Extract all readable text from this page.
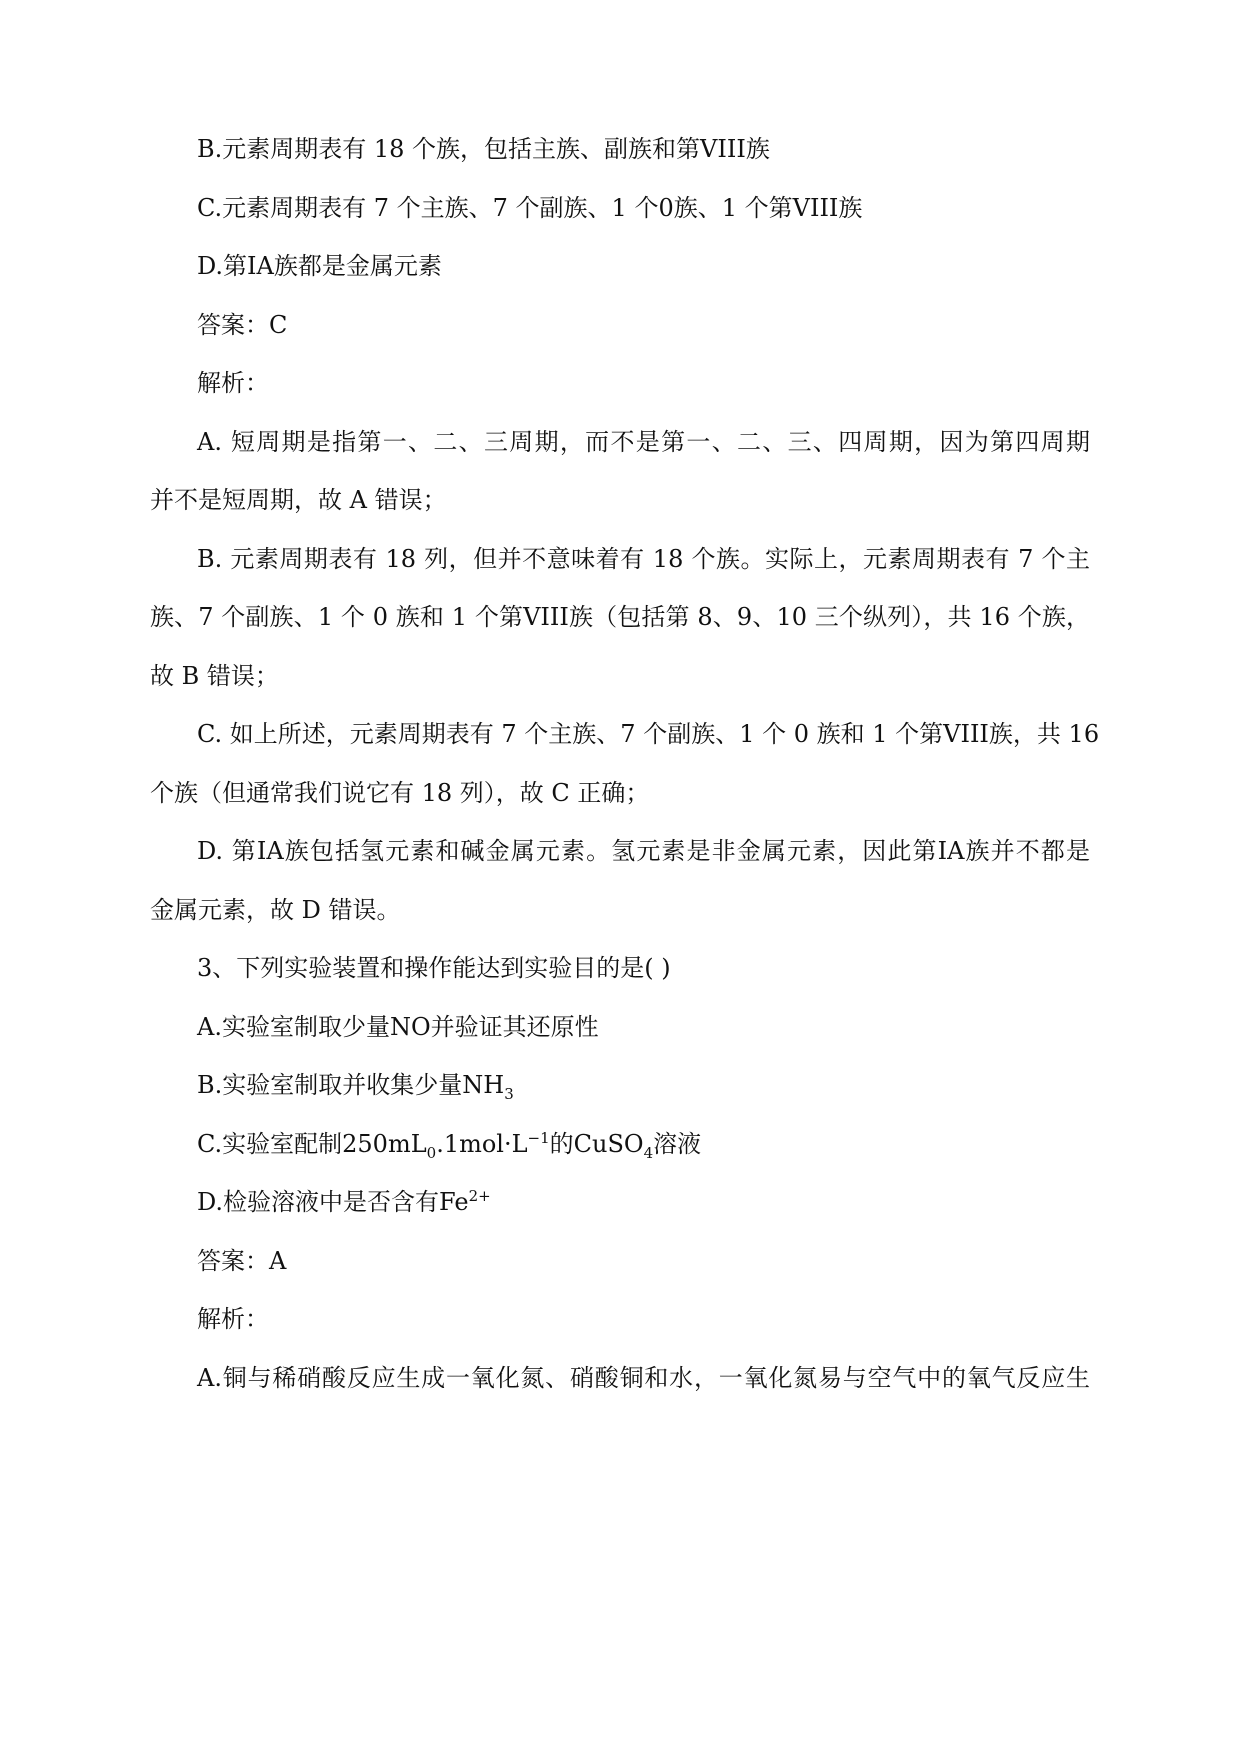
B.元素周期表有 18 个族，包括主族、副族和第VIII族
C.元素周期表有 7 个主族、7 个副族、1 个0族、1 个第VIII族
D.第IA族都是金属元素
答案：C
解析：
A. 短周期是指第一、二、三周期，而不是第一、二、三、四周期，因为第四周期
并不是短周期，故 A 错误；
B. 元素周期表有 18 列，但并不意味着有 18 个族。实际上，元素周期表有 7 个主
族、7 个副族、1 个 0 族和 1 个第VIII族（包括第 8、9、10 三个纵列），共 16 个族，
故 B 错误；
C. 如上所述，元素周期表有 7 个主族、7 个副族、1 个 0 族和 1 个第VIII族，共 16
个族（但通常我们说它有 18 列），故 C 正确；
D. 第IA族包括氢元素和碱金属元素。氢元素是非金属元素，因此第IA族并不都是
金属元素，故 D 错误。
3、下列实验装置和操作能达到实验目的是( )
A.实验室制取少量NO并验证其还原性
B.实验室制取并收集少量$NH_3$
C.实验室配制$250mL_0.1mol\cdot L^{-1}$的CuSO$_4$溶液
D.检验溶液中是否含有$Fe^{2+}$
答案：A
解析：
A.铜与稀硝酸反应生成一氧化氮、硝酸铜和水，一氧化氮易与空气中的氧气反应生
